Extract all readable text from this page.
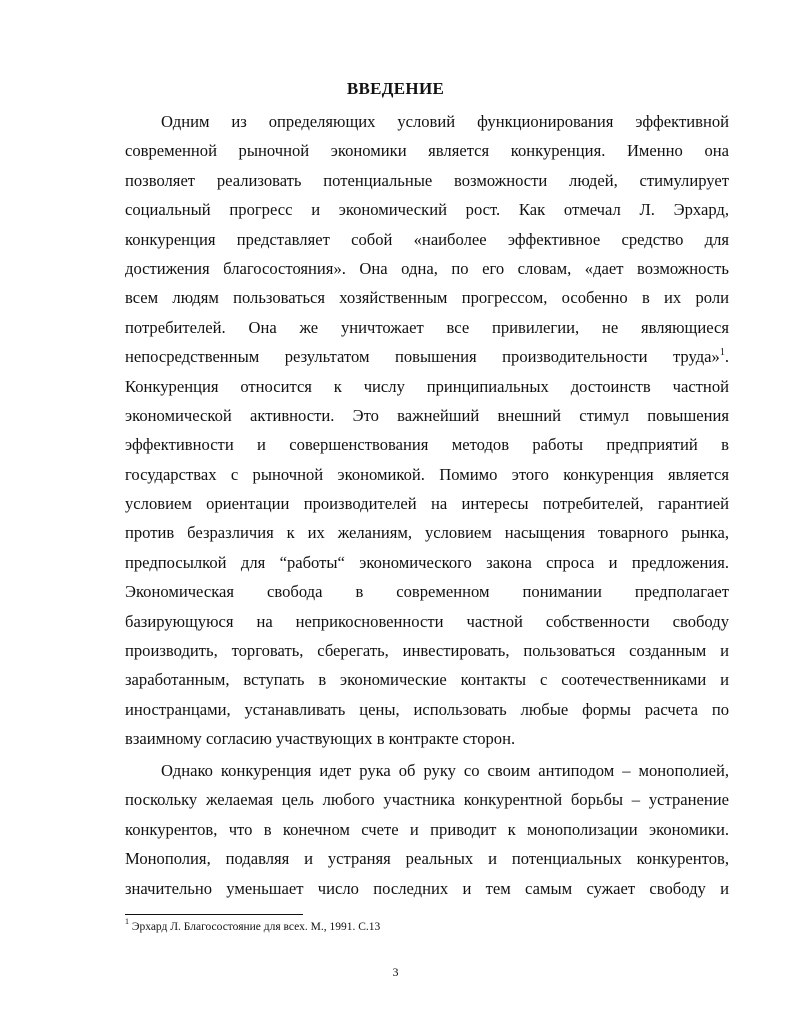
ВВЕДЕНИЕ
Одним из определяющих условий функционирования эффективной
современной рыночной экономики является конкуренция. Именно она
позволяет реализовать потенциальные возможности людей, стимулирует
социальный прогресс и экономический рост. Как отмечал Л. Эрхард,
конкуренция представляет собой «наиболее эффективное средство для
достижения благосостояния». Она одна, по его словам, «дает возможность
всем людям пользоваться хозяйственным прогрессом, особенно в их роли
потребителей. Она же уничтожает все привилегии, не являющиеся
непосредственным результатом повышения производительности труда»$^1$.
Конкуренция относится к числу принципиальных достоинств частной
экономической активности. Это важнейший внешний стимул повышения
эффективности и совершенствования методов работы предприятий в
государствах с рыночной экономикой. Помимо этого конкуренция является
условием ориентации производителей на интересы потребителей, гарантией
против безразличия к их желаниям, условием насыщения товарного рынка,
предпосылкой для “работы“ экономического закона спроса и предложения.
Экономическая свобода в современном понимании предполагает
базирующуюся на неприкосновенности частной собственности свободу
производить, торговать, сберегать, инвестировать, пользоваться созданным и
заработанным, вступать в экономические контакты с соотечественниками и
иностранцами, устанавливать цены, использовать любые формы расчета по
взаимному согласию участвующих в контракте сторон.
Однако конкуренция идет рука об руку со своим антиподом – монополией,
поскольку желаемая цель любого участника конкурентной борьбы – устранение
конкурентов, что в конечном счете и приводит к монополизации экономики.
Монополия, подавляя и устраняя реальных и потенциальных конкурентов,
значительно уменьшает число последних и тем самым сужает свободу и
$^1$ Эрхард Л. Благосостояние для всех. М., 1991. С.13
3
